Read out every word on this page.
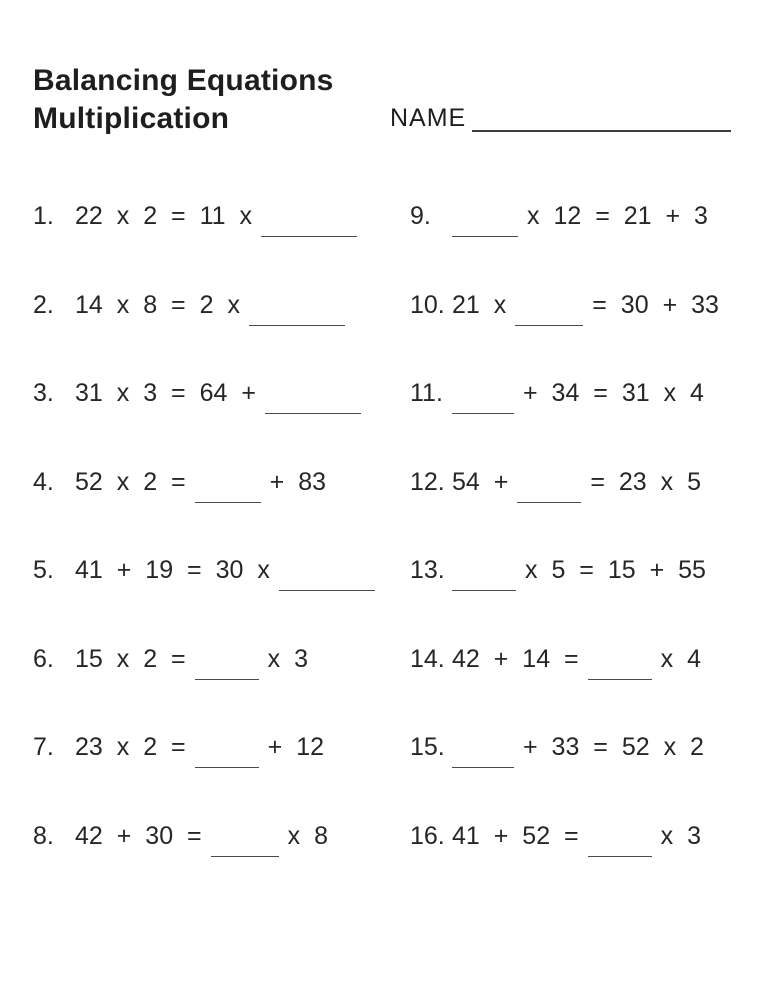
Balancing Equations
Multiplication	NAME
1. 22 x 2 = 11 x
2. 14 x 8 = 2 x
3. 31 x 3 = 64 +
4. 52 x 2 =	+ 83
5. 41 + 19 = 30 x
6. 15 x 2 =	x 3
7. 23 x 2 =	+ 12
8. 42 + 30 =	x 8
9.	x 12 = 21 + 3
10. 21 x	= 30 + 33
11.	+ 34 = 31 x 4
12. 54 +	= 23 x 5
13.	x 5 = 15 + 55
14. 42 + 14 =	x 4
15.	+ 33 = 52 x 2
16. 41 + 52 =	x 3
